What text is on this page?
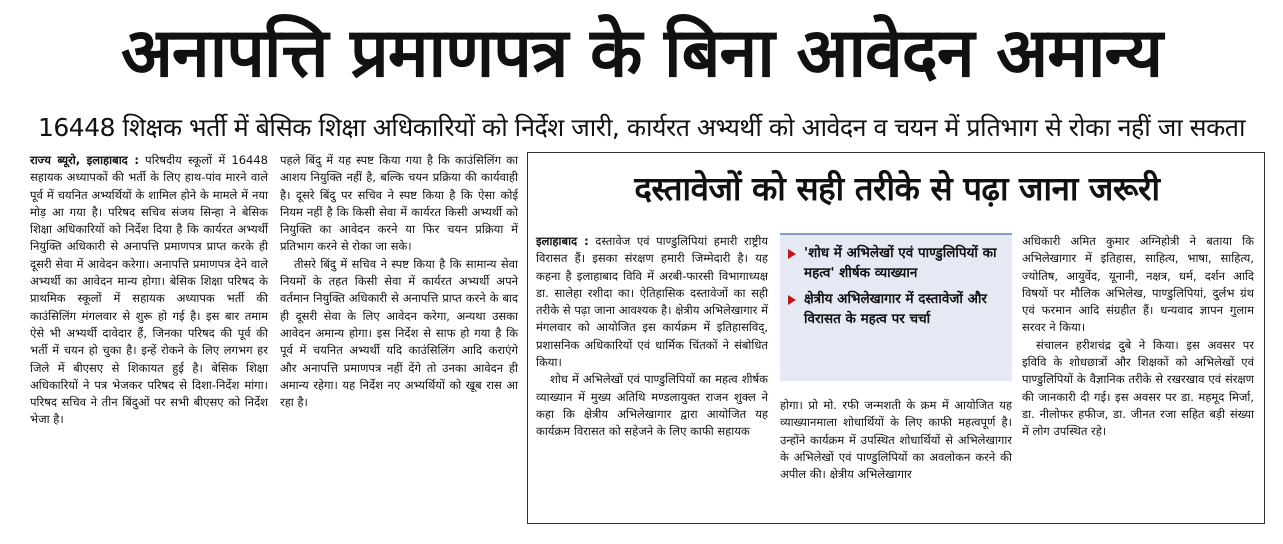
अनापत्ति प्रमाणपत्र के बिना आवेदन अमान्य
16448 शिक्षक भर्ती में बेसिक शिक्षा अधिकारियों को निर्देश जारी, कार्यरत अभ्यर्थी को आवेदन व चयन में प्रतिभाग से रोका नहीं जा सकता

राज्य ब्यूरो, इलाहाबाद : परिषदीय स्कूलों में 16448 सहायक अध्यापकों की भर्ती के लिए हाथ-पांव मारने वाले पूर्व में चयनित अभ्यर्थियों के शामिल होने के मामले में नया मोड़ आ गया है। परिषद सचिव संजय सिन्हा ने बेसिक शिक्षा अधिकारियों को निर्देश दिया है कि कार्यरत अभ्यर्थी नियुक्ति अधिकारी से अनापत्ति प्रमाणपत्र प्राप्त करके ही दूसरी सेवा में आवेदन करेगा। अनापत्ति प्रमाणपत्र देने वाले अभ्यर्थी का आवेदन मान्य होगा। बेसिक शिक्षा परिषद के प्राथमिक स्कूलों में सहायक अध्यापक भर्ती की काउंसिलिंग मंगलवार से शुरू हो गई है। इस बार तमाम ऐसे भी अभ्यर्थी दावेदार हैं, जिनका परिषद की पूर्व की भर्ती में चयन हो चुका है। इन्हें रोकने के लिए लगभग हर जिले में बीएसए से शिकायत हुई है। बेसिक शिक्षा अधिकारियों ने पत्र भेजकर परिषद से दिशा-निर्देश मांगा। परिषद सचिव ने तीन बिंदुओं पर सभी बीएसए को निर्देश भेजा है।

पहले बिंदु में यह स्पष्ट किया गया है कि काउंसिलिंग का आशय नियुक्ति नहीं है, बल्कि चयन प्रक्रिया की कार्यवाही है। दूसरे बिंदु पर सचिव ने स्पष्ट किया है कि ऐसा कोई नियम नहीं है कि किसी सेवा में कार्यरत किसी अभ्यर्थी को नियुक्ति का आवेदन करने या फिर चयन प्रक्रिया में प्रतिभाग करने से रोका जा सके।

तीसरे बिंदु में सचिव ने स्पष्ट किया है कि सामान्य सेवा नियमों के तहत किसी सेवा में कार्यरत अभ्यर्थी अपने वर्तमान नियुक्ति अधिकारी से अनापत्ति प्राप्त करने के बाद ही दूसरी सेवा के लिए आवेदन करेगा, अन्यथा उसका आवेदन अमान्य होगा। इस निर्देश से साफ हो गया है कि पूर्व में चयनित अभ्यर्थी यदि काउंसिलिंग आदि कराएंगे और अनापत्ति प्रमाणपत्र नहीं देंगे तो उनका आवेदन ही अमान्य रहेगा। यह निर्देश नए अभ्यर्थियों को खूब रास आ रहा है।

दस्तावेजों को सही तरीके से पढ़ा जाना जरूरी

इलाहाबाद : दस्तावेज एवं पाण्डुलिपियां हमारी राष्ट्रीय विरासत हैं। इसका संरक्षण हमारी जिम्मेदारी है। यह कहना है इलाहाबाद विवि में अरबी-फारसी विभागाध्यक्ष डा. सालेहा रशीदा का। ऐतिहासिक दस्तावेजों का सही तरीके से पढ़ा जाना आवश्यक है। क्षेत्रीय अभिलेखागार में मंगलवार को आयोजित इस कार्यक्रम में इतिहासविद्, प्रशासनिक अधिकारियों एवं धार्मिक चिंतकों ने संबोधित किया।

शोध में अभिलेखों एवं पाण्डुलिपियों का महत्व शीर्षक व्याख्यान में मुख्य अतिथि मण्डलायुक्त राजन शुक्ल ने कहा कि क्षेत्रीय अभिलेखागार द्वारा आयोजित यह कार्यक्रम विरासत को सहेजने के लिए काफी सहायक

'शोध में अभिलेखों एवं पाण्डुलिपियों का महत्व' शीर्षक व्याख्यान
क्षेत्रीय अभिलेखागार में दस्तावेजों और विरासत के महत्व पर चर्चा

होगा। प्रो मो. रफी जन्मशती के क्रम में आयोजित यह व्याख्यानमाला शोधार्थियों के लिए काफी महत्वपूर्ण है। उन्होंने कार्यक्रम में उपस्थित शोधार्थियों से अभिलेखागार के अभिलेखों एवं पाण्डुलिपियों का अवलोकन करने की अपील की। क्षेत्रीय अभिलेखागार

अधिकारी अमित कुमार अग्निहोत्री ने बताया कि अभिलेखागार में इतिहास, साहित्य, भाषा, साहित्य, ज्योतिष, आयुर्वेद, यूनानी, नक्षत्र, धर्म, दर्शन आदि विषयों पर मौलिक अभिलेख, पाण्डुलिपियां, दुर्लभ ग्रंथ एवं फरमान आदि संग्रहीत हैं। धन्यवाद ज्ञापन गुलाम सरवर ने किया।

संचालन हरीशचंद्र दुबे ने किया। इस अवसर पर इविवि के शोधछात्रों और शिक्षकों को अभिलेखों एवं पाण्डुलिपियों के वैज्ञानिक तरीके से रखरखाव एवं संरक्षण की जानकारी दी गई। इस अवसर पर डा. महमूद मिर्जा, डा. नीलोफर हफीज, डा. जीनत रजा सहित बड़ी संख्या में लोग उपस्थित रहे।
